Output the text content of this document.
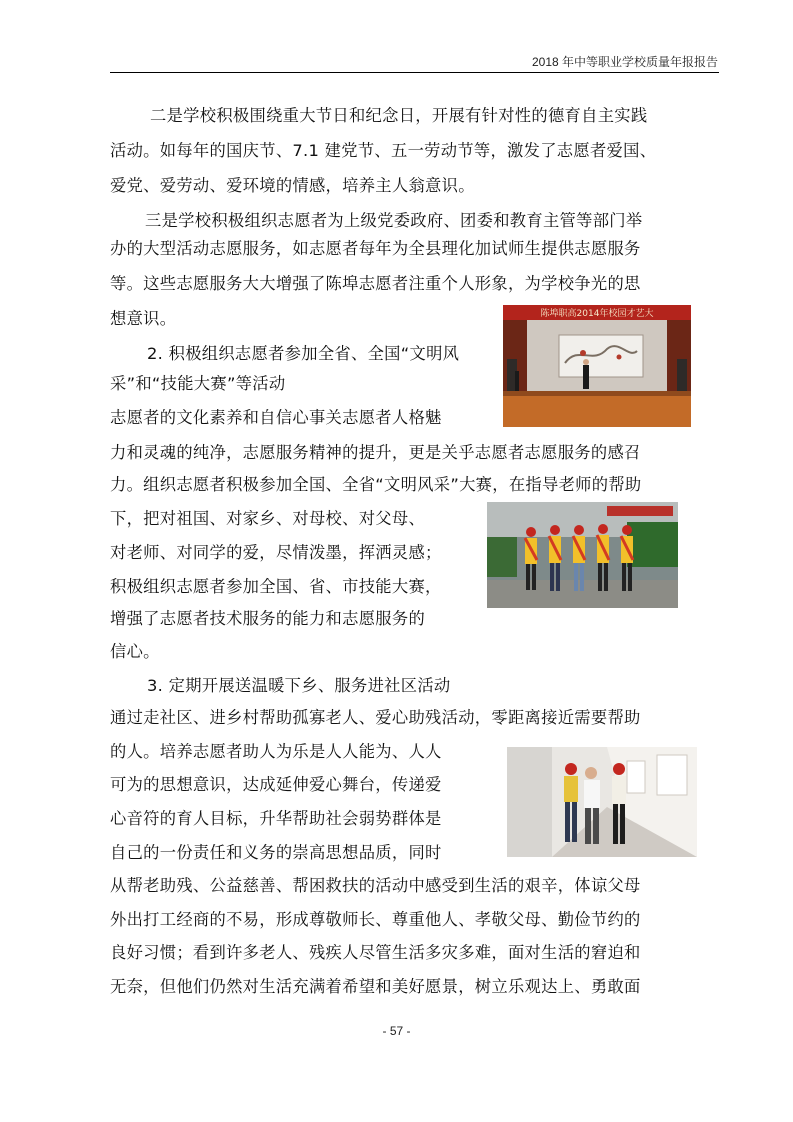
2018 年中等职业学校质量年报报告
二是学校积极围绕重大节日和纪念日，开展有针对性的德育自主实践
活动。如每年的国庆节、7.1 建党节、五一劳动节等，激发了志愿者爱国、
爱党、爱劳动、爱环境的情感，培养主人翁意识。
三是学校积极组织志愿者为上级党委政府、团委和教育主管等部门举
办的大型活动志愿服务，如志愿者每年为全县理化加试师生提供志愿服务
等。这些志愿服务大大增强了陈埠志愿者注重个人形象，为学校争光的思
想意识。
2. 积极组织志愿者参加全省、全国“文明风
采”和“技能大赛”等活动
志愿者的文化素养和自信心事关志愿者人格魅
力和灵魂的纯净，志愿服务精神的提升，更是关乎志愿者志愿服务的感召
力。组织志愿者积极参加全国、全省“文明风采”大赛，在指导老师的帮助
下，把对祖国、对家乡、对母校、对父母、
对老师、对同学的爱，尽情泼墨，挥洒灵感；
积极组织志愿者参加全国、省、市技能大赛，
增强了志愿者技术服务的能力和志愿服务的
信心。
3. 定期开展送温暖下乡、服务进社区活动
通过走社区、进乡村帮助孤寡老人、爱心助残活动，零距离接近需要帮助
的人。培养志愿者助人为乐是人人能为、人人
可为的思想意识，达成延伸爱心舞台，传递爱
心音符的育人目标，升华帮助社会弱势群体是
自己的一份责任和义务的崇高思想品质，同时
从帮老助残、公益慈善、帮困救扶的活动中感受到生活的艰辛，体谅父母
外出打工经商的不易，形成尊敬师长、尊重他人、孝敬父母、勤俭节约的
良好习惯；看到许多老人、残疾人尽管生活多灾多难，面对生活的窘迫和
无奈，但他们仍然对生活充满着希望和美好愿景，树立乐观达上、勇敢面
陈埠职高2014年校园才艺大
- 57 -
